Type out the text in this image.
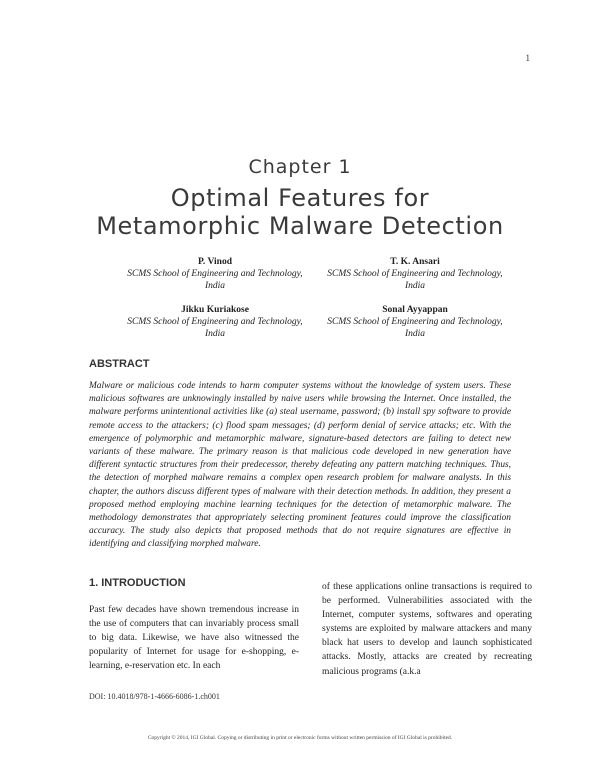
1
Chapter 1
Optimal Features for
Metamorphic Malware Detection
P. Vinod
SCMS School of Engineering and Technology,
India
T. K. Ansari
SCMS School of Engineering and Technology,
India
Jikku Kuriakose
SCMS School of Engineering and Technology,
India
Sonal Ayyappan
SCMS School of Engineering and Technology,
India
ABSTRACT
Malware or malicious code intends to harm computer systems without the knowledge of system users. These malicious softwares are unknowingly installed by naive users while browsing the Internet. Once installed, the malware performs unintentional activities like (a) steal username, password; (b) install spy software to provide remote access to the attackers; (c) flood spam messages; (d) perform denial of service attacks; etc. With the emergence of polymorphic and metamorphic malware, signature-based detectors are failing to detect new variants of these malware. The primary reason is that malicious code developed in new generation have different syntactic structures from their predecessor, thereby defeating any pattern matching techniques. Thus, the detection of morphed malware remains a complex open research problem for malware analysts. In this chapter, the authors discuss different types of malware with their detection methods. In addition, they present a proposed method employing machine learning techniques for the detection of metamorphic malware. The methodology demonstrates that appropriately selecting prominent features could improve the classification accuracy. The study also depicts that proposed methods that do not require signatures are effective in identifying and classifying morphed malware.
1. INTRODUCTION
Past few decades have shown tremendous increase in the use of computers that can invariably process small to big data. Likewise, we have also witnessed the popularity of Internet for usage for e-shopping, e-learning, e-reservation etc. In each
of these applications online transactions is required to be performed. Vulnerabilities associated with the Internet, computer systems, softwares and operating systems are exploited by malware attackers and many black hat users to develop and launch sophisticated attacks. Mostly, attacks are created by recreating malicious programs (a.k.a
DOI: 10.4018/978-1-4666-6086-1.ch001
Copyright © 2014, IGI Global. Copying or distributing in print or electronic forms without written permission of IGI Global is prohibited.
